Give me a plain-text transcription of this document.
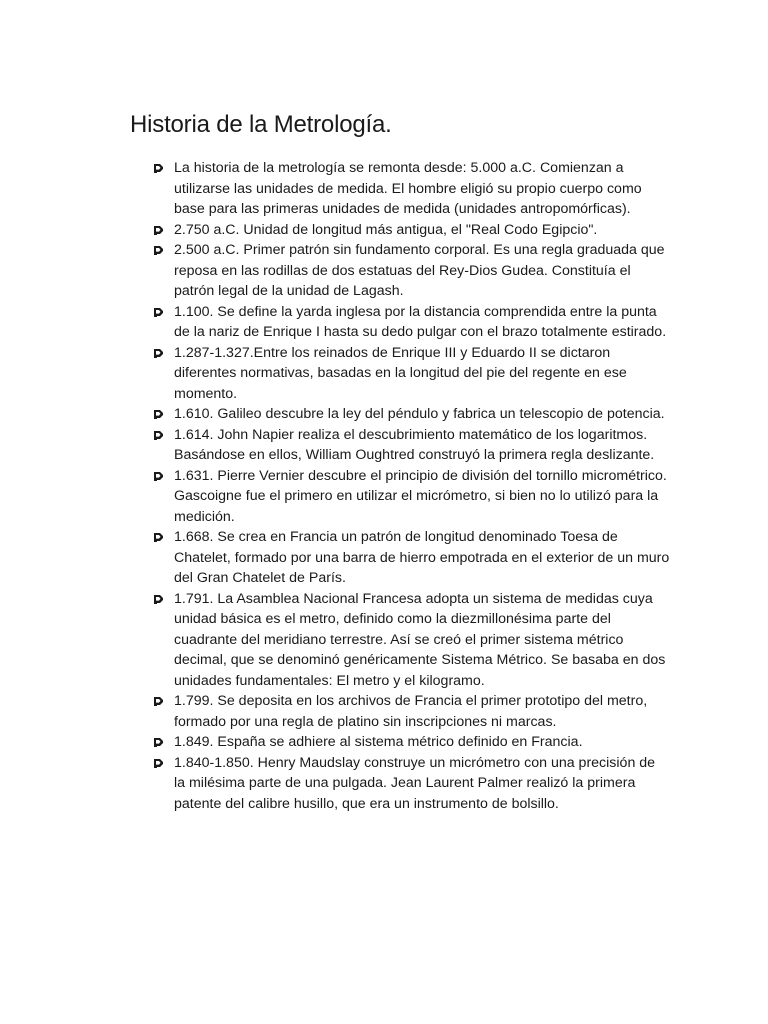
Historia de la Metrología.
La historia de la metrología se remonta desde: 5.000 a.C. Comienzan a utilizarse las unidades de medida. El hombre eligió su propio cuerpo como base para las primeras unidades de medida (unidades antropomórficas).
2.750 a.C. Unidad de longitud más antigua, el "Real Codo Egipcio".
2.500 a.C. Primer patrón sin fundamento corporal. Es una regla graduada que reposa en las rodillas de dos estatuas del Rey-Dios Gudea. Constituía el patrón legal de la unidad de Lagash.
1.100. Se define la yarda inglesa por la distancia comprendida entre la punta de la nariz de Enrique I hasta su dedo pulgar con el brazo totalmente estirado.
1.287-1.327.Entre los reinados de Enrique III y Eduardo II se dictaron diferentes normativas, basadas en la longitud del pie del regente en ese momento.
1.610. Galileo descubre la ley del péndulo y fabrica un telescopio de potencia.
1.614. John Napier realiza el descubrimiento matemático de los logaritmos. Basándose en ellos, William Oughtred construyó la primera regla deslizante.
1.631. Pierre Vernier descubre el principio de división del tornillo micrométrico. Gascoigne fue el primero en utilizar el micrómetro, si bien no lo utilizó para la medición.
1.668. Se crea en Francia un patrón de longitud denominado Toesa de Chatelet, formado por una barra de hierro empotrada en el exterior de un muro del Gran Chatelet de París.
1.791. La Asamblea Nacional Francesa adopta un sistema de medidas cuya unidad básica es el metro, definido como la diezmillonésima parte del cuadrante del meridiano terrestre. Así se creó el primer sistema métrico decimal, que se denominó genéricamente Sistema Métrico. Se basaba en dos unidades fundamentales: El metro y el kilogramo.
1.799. Se deposita en los archivos de Francia el primer prototipo del metro, formado por una regla de platino sin inscripciones ni marcas.
1.849. España se adhiere al sistema métrico definido en Francia.
1.840-1.850. Henry Maudslay construye un micrómetro con una precisión de la milésima parte de una pulgada. Jean Laurent Palmer realizó la primera patente del calibre husillo, que era un instrumento de bolsillo.
